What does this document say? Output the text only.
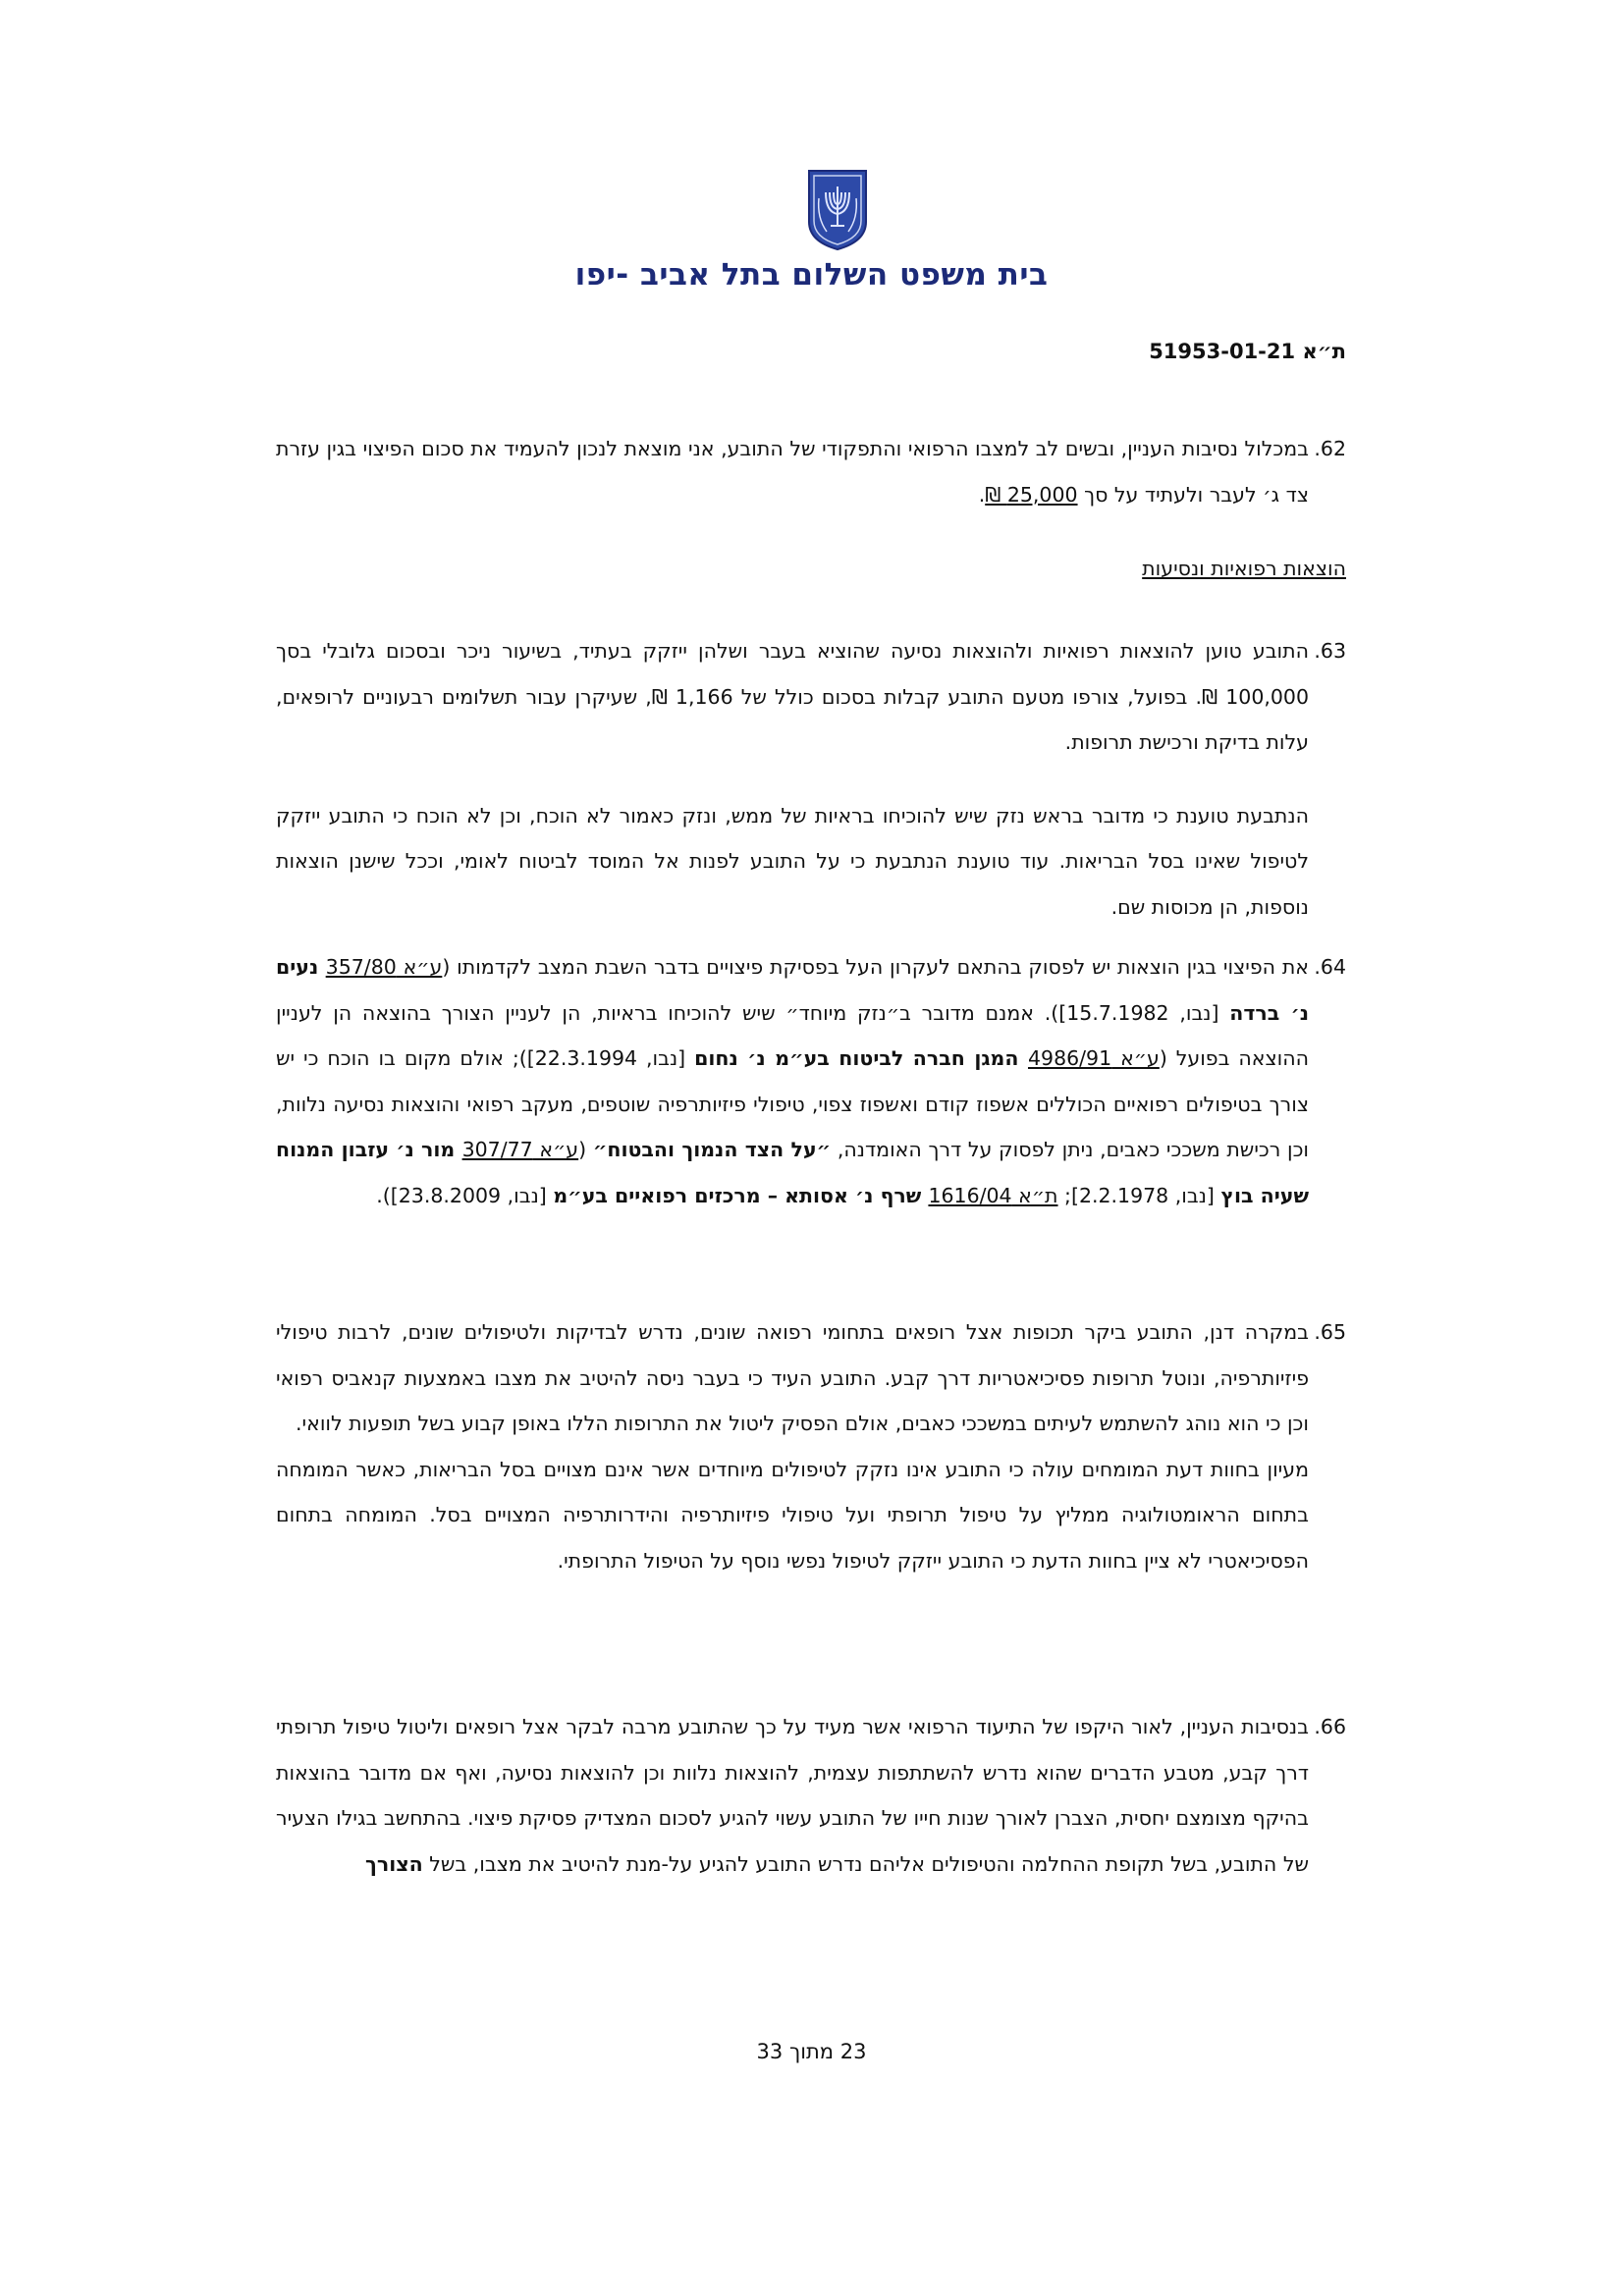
בית משפט השלום בתל אביב -יפו
ת״א 51953-01-21
62.
במכלול נסיבות העניין, ובשים לב למצבו הרפואי והתפקודי של התובע, אני מוצאת לנכון להעמיד את סכום הפיצוי בגין עזרת צד ג׳ לעבר ולעתיד על סך 25,000 ₪.
הוצאות רפואיות ונסיעות
63.
התובע טוען להוצאות רפואיות ולהוצאות נסיעה שהוציא בעבר ושלהן ייזקק בעתיד, בשיעור ניכר ובסכום גלובלי בסך 100,000 ₪. בפועל, צורפו מטעם התובע קבלות בסכום כולל של 1,166 ₪, שעיקרן עבור תשלומים רבעוניים לרופאים, עלות בדיקת ורכישת תרופות.
הנתבעת טוענת כי מדובר בראש נזק שיש להוכיחו בראיות של ממש, ונזק כאמור לא הוכח, וכן לא הוכח כי התובע ייזקק לטיפול שאינו בסל הבריאות. עוד טוענת הנתבעת כי על התובע לפנות אל המוסד לביטוח לאומי, וככל שישנן הוצאות נוספות, הן מכוסות שם.
64.
את הפיצוי בגין הוצאות יש לפסוק בהתאם לעקרון העל בפסיקת פיצויים בדבר השבת המצב לקדמותו (ע״א 357/80 נעים נ׳ ברדה [נבו, 15.7.1982]). אמנם מדובר ב״נזק מיוחד״ שיש להוכיחו בראיות, הן לעניין הצורך בהוצאה הן לעניין ההוצאה בפועל (ע״א 4986/91 המגן חברה לביטוח בע״מ נ׳ נחום [נבו, 22.3.1994]); אולם מקום בו הוכח כי יש צורך בטיפולים רפואיים הכוללים אשפוז קודם ואשפוז צפוי, טיפולי פיזיותרפיה שוטפים, מעקב רפואי והוצאות נסיעה נלוות, וכן רכישת משככי כאבים, ניתן לפסוק על דרך האומדנה, ״על הצד הנמוך והבטוח״ (ע״א 307/77 מור נ׳ עזבון המנוח שעיה בוץ [נבו, 2.2.1978]; ת״א 1616/04 שרף נ׳ אסותא – מרכזים רפואיים בע״מ [נבו, 23.8.2009]).
65.
במקרה דנן, התובע ביקר תכופות אצל רופאים בתחומי רפואה שונים, נדרש לבדיקות ולטיפולים שונים, לרבות טיפולי פיזיותרפיה, ונוטל תרופות פסיכיאטריות דרך קבע. התובע העיד כי בעבר ניסה להיטיב את מצבו באמצעות קנאביס רפואי וכן כי הוא נוהג להשתמש לעיתים במשככי כאבים, אולם הפסיק ליטול את התרופות הללו באופן קבוע בשל תופעות לוואי.
מעיון בחוות דעת המומחים עולה כי התובע אינו נזקק לטיפולים מיוחדים אשר אינם מצויים בסל הבריאות, כאשר המומחה בתחום הראומטולוגיה ממליץ על טיפול תרופתי ועל טיפולי פיזיותרפיה והידרותרפיה המצויים בסל. המומחה בתחום הפסיכיאטרי לא ציין בחוות הדעת כי התובע ייזקק לטיפול נפשי נוסף על הטיפול התרופתי.
66.
בנסיבות העניין, לאור היקפו של התיעוד הרפואי אשר מעיד על כך שהתובע מרבה לבקר אצל רופאים וליטול טיפול תרופתי דרך קבע, מטבע הדברים שהוא נדרש להשתתפות עצמית, להוצאות נלוות וכן להוצאות נסיעה, ואף אם מדובר בהוצאות בהיקף מצומצם יחסית, הצברן לאורך שנות חייו של התובע עשוי להגיע לסכום המצדיק פסיקת פיצוי. בהתחשב בגילו הצעיר של התובע, בשל תקופת ההחלמה והטיפולים אליהם נדרש התובע להגיע על-מנת להיטיב את מצבו, בשל הצורך
23 מתוך 33
